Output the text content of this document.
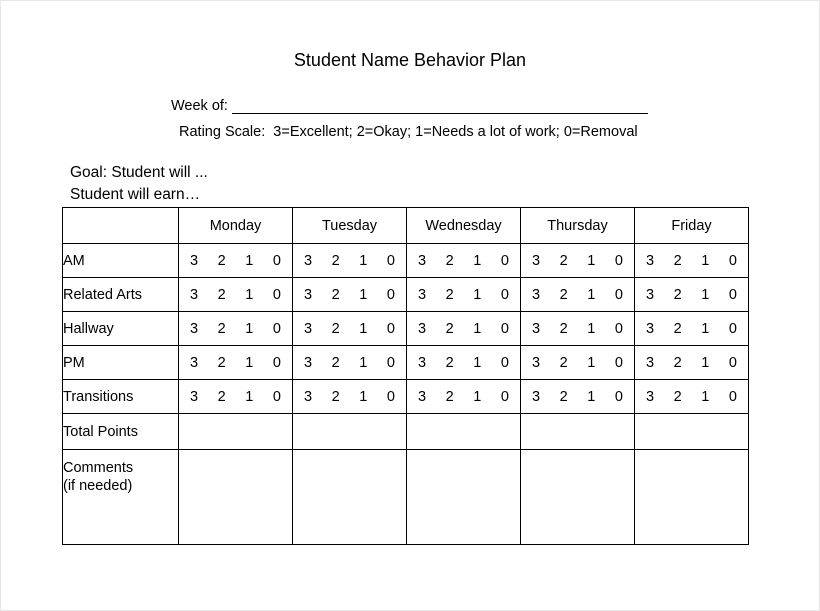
Student Name Behavior Plan
Week of:
Rating Scale:  3=Excellent; 2=Okay; 1=Needs a lot of work; 0=Removal
Goal: Student will ...
Student will earn…
	Monday	Tuesday	Wednesday	Thursday	Friday
AM	3 2 1 0	3 2 1 0	3 2 1 0	3 2 1 0	3 2 1 0

Related Arts	3 2 1 0	3 2 1 0	3 2 1 0	3 2 1 0	3 2 1 0

Hallway	3 2 1 0	3 2 1 0	3 2 1 0	3 2 1 0	3 2 1 0

PM	3 2 1 0	3 2 1 0	3 2 1 0	3 2 1 0	3 2 1 0

Transitions	3 2 1 0	3 2 1 0	3 2 1 0	3 2 1 0	3 2 1 0

Total Points					

Comments
(if needed)					
